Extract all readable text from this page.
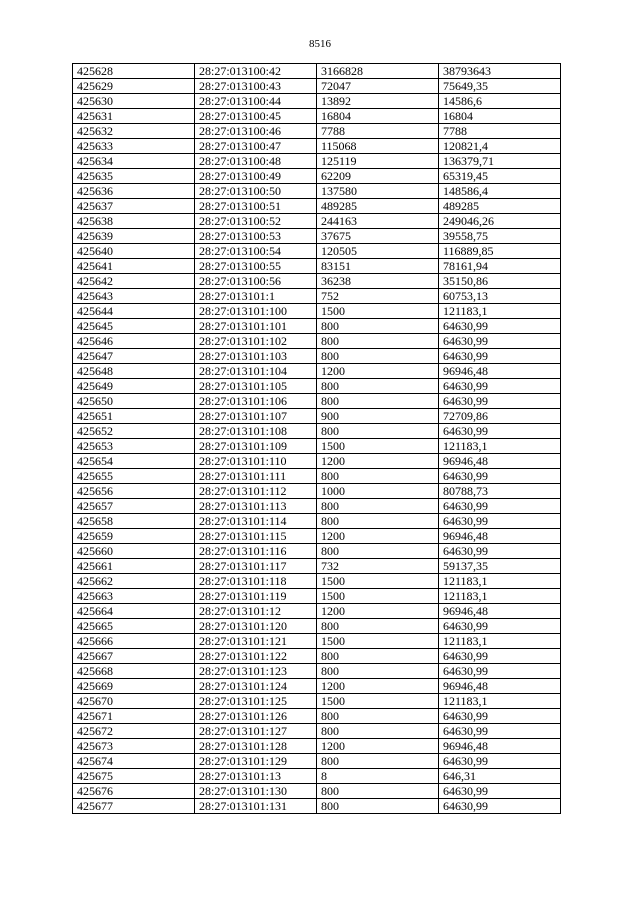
8516
425628	28:27:013100:42	3166828	38793643
425629	28:27:013100:43	72047	75649,35
425630	28:27:013100:44	13892	14586,6
425631	28:27:013100:45	16804	16804
425632	28:27:013100:46	7788	7788
425633	28:27:013100:47	115068	120821,4
425634	28:27:013100:48	125119	136379,71
425635	28:27:013100:49	62209	65319,45
425636	28:27:013100:50	137580	148586,4
425637	28:27:013100:51	489285	489285
425638	28:27:013100:52	244163	249046,26
425639	28:27:013100:53	37675	39558,75
425640	28:27:013100:54	120505	116889,85
425641	28:27:013100:55	83151	78161,94
425642	28:27:013100:56	36238	35150,86
425643	28:27:013101:1	752	60753,13
425644	28:27:013101:100	1500	121183,1
425645	28:27:013101:101	800	64630,99
425646	28:27:013101:102	800	64630,99
425647	28:27:013101:103	800	64630,99
425648	28:27:013101:104	1200	96946,48
425649	28:27:013101:105	800	64630,99
425650	28:27:013101:106	800	64630,99
425651	28:27:013101:107	900	72709,86
425652	28:27:013101:108	800	64630,99
425653	28:27:013101:109	1500	121183,1
425654	28:27:013101:110	1200	96946,48
425655	28:27:013101:111	800	64630,99
425656	28:27:013101:112	1000	80788,73
425657	28:27:013101:113	800	64630,99
425658	28:27:013101:114	800	64630,99
425659	28:27:013101:115	1200	96946,48
425660	28:27:013101:116	800	64630,99
425661	28:27:013101:117	732	59137,35
425662	28:27:013101:118	1500	121183,1
425663	28:27:013101:119	1500	121183,1
425664	28:27:013101:12	1200	96946,48
425665	28:27:013101:120	800	64630,99
425666	28:27:013101:121	1500	121183,1
425667	28:27:013101:122	800	64630,99
425668	28:27:013101:123	800	64630,99
425669	28:27:013101:124	1200	96946,48
425670	28:27:013101:125	1500	121183,1
425671	28:27:013101:126	800	64630,99
425672	28:27:013101:127	800	64630,99
425673	28:27:013101:128	1200	96946,48
425674	28:27:013101:129	800	64630,99
425675	28:27:013101:13	8	646,31
425676	28:27:013101:130	800	64630,99
425677	28:27:013101:131	800	64630,99
